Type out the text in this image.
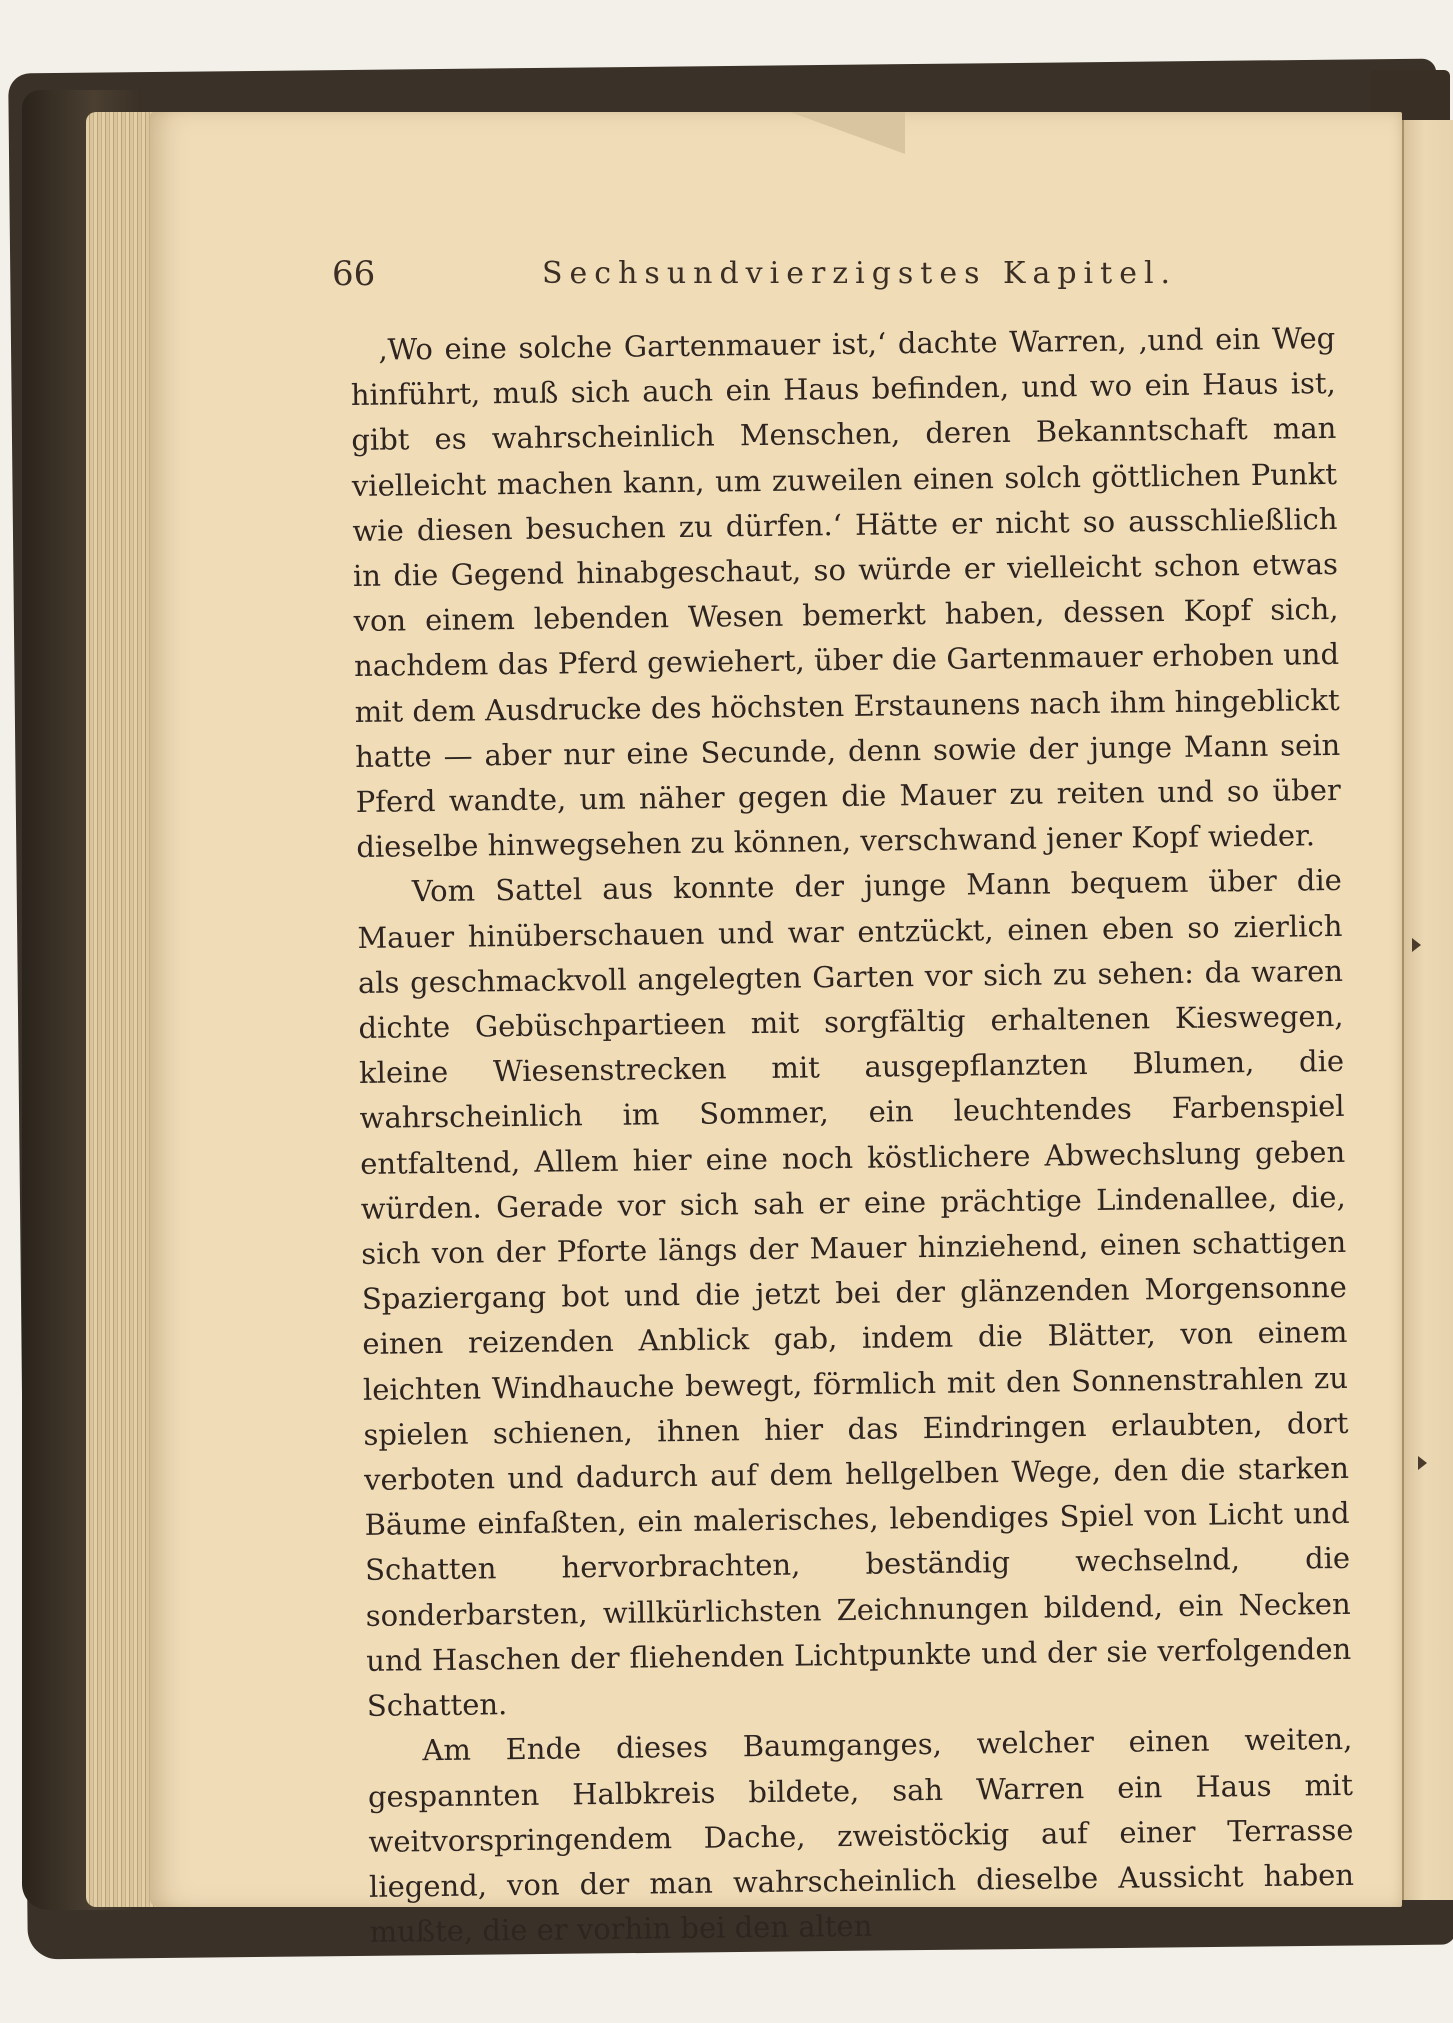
66	Sechsundvierzigstes Kapitel.

‚Wo eine solche Gartenmauer ist,‘ dachte Warren, ‚und ein Weg hinführt, muß sich auch ein Haus befinden, und wo ein Haus ist, gibt es wahrscheinlich Menschen, deren Bekanntschaft man vielleicht machen kann, um zuweilen einen solch göttlichen Punkt wie diesen besuchen zu dürfen.‘ Hätte er nicht so ausschließlich in die Gegend hinabgeschaut, so würde er vielleicht schon etwas von einem lebenden Wesen bemerkt haben, dessen Kopf sich, nachdem das Pferd gewiehert, über die Gartenmauer erhoben und mit dem Ausdrucke des höchsten Erstaunens nach ihm hingeblickt hatte — aber nur eine Secunde, denn sowie der junge Mann sein Pferd wandte, um näher gegen die Mauer zu reiten und so über dieselbe hinwegsehen zu können, verschwand jener Kopf wieder.

Vom Sattel aus konnte der junge Mann bequem über die Mauer hinüberschauen und war entzückt, einen eben so zierlich als geschmackvoll angelegten Garten vor sich zu sehen: da waren dichte Gebüschpartieen mit sorgfältig erhaltenen Kieswegen, kleine Wiesenstrecken mit ausgepflanzten Blumen, die wahrscheinlich im Sommer, ein leuchtendes Farbenspiel entfaltend, Allem hier eine noch köstlichere Abwechslung geben würden. Gerade vor sich sah er eine prächtige Lindenallee, die, sich von der Pforte längs der Mauer hinziehend, einen schattigen Spaziergang bot und die jetzt bei der glänzenden Morgensonne einen reizenden Anblick gab, indem die Blätter, von einem leichten Windhauche bewegt, förmlich mit den Sonnenstrahlen zu spielen schienen, ihnen hier das Eindringen erlaubten, dort verboten und dadurch auf dem hellgelben Wege, den die starken Bäume einfaßten, ein malerisches, lebendiges Spiel von Licht und Schatten hervorbrachten, beständig wechselnd, die sonderbarsten, willkürlichsten Zeichnungen bildend, ein Necken und Haschen der fliehenden Lichtpunkte und der sie verfolgenden Schatten.

Am Ende dieses Baumganges, welcher einen weiten, gespannten Halbkreis bildete, sah Warren ein Haus mit weitvorspringendem Dache, zweistöckig auf einer Terrasse liegend, von der man wahrscheinlich dieselbe Aussicht haben mußte, die er vorhin bei den alten
